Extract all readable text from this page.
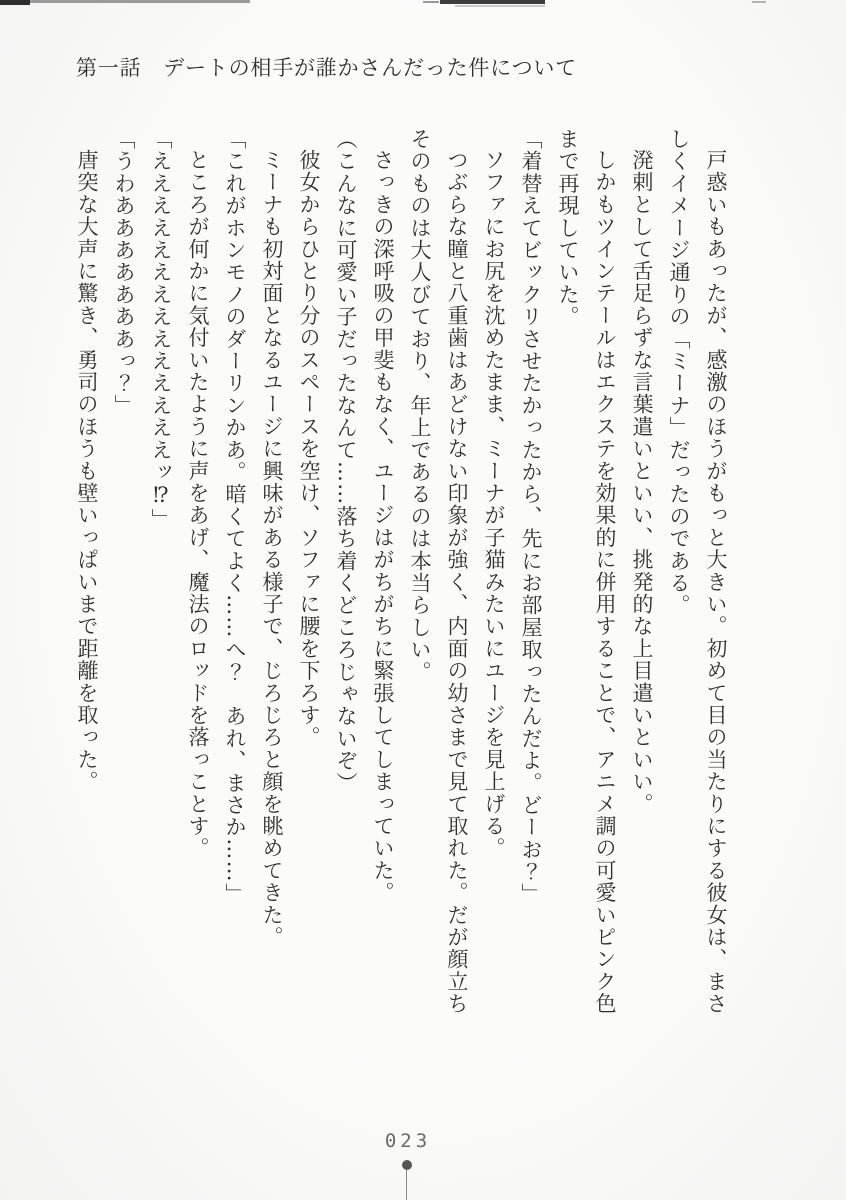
第一話　デートの相手が誰かさんだった件について
戸惑いもあったが、感激のほうがもっと大きい。初めて目の当たりにする彼女は、まさ
しくイメージ通りの「ミーナ」だったのである。
溌剌として舌足らずな言葉遣いといい、挑発的な上目遣いといい。
しかもツインテールはエクステを効果的に併用することで、アニメ調の可愛いピンク色
まで再現していた。
「着替えてビックリさせたかったから、先にお部屋取ったんだよ。どーお？」
ソファにお尻を沈めたまま、ミーナが子猫みたいにユージを見上げる。
つぶらな瞳と八重歯はあどけない印象が強く、内面の幼さまで見て取れた。だが顔立ち
そのものは大人びており、年上であるのは本当らしい。
さっきの深呼吸の甲斐もなく、ユージはがちがちに緊張してしまっていた。
（こんなに可愛い子だったなんて……落ち着くどころじゃないぞ）
彼女からひとり分のスペースを空け、ソファに腰を下ろす。
ミーナも初対面となるユージに興味がある様子で、じろじろと顔を眺めてきた。
「これがホンモノのダーリンかあ。暗くてよく……へ？　あれ、まさか……」
ところが何かに気付いたように声をあげ、魔法のロッドを落っことす。
「ええええええええええええええッ⁉」
「うわあああああああっ？」
唐突な大声に驚き、勇司のほうも壁いっぱいまで距離を取った。
023
